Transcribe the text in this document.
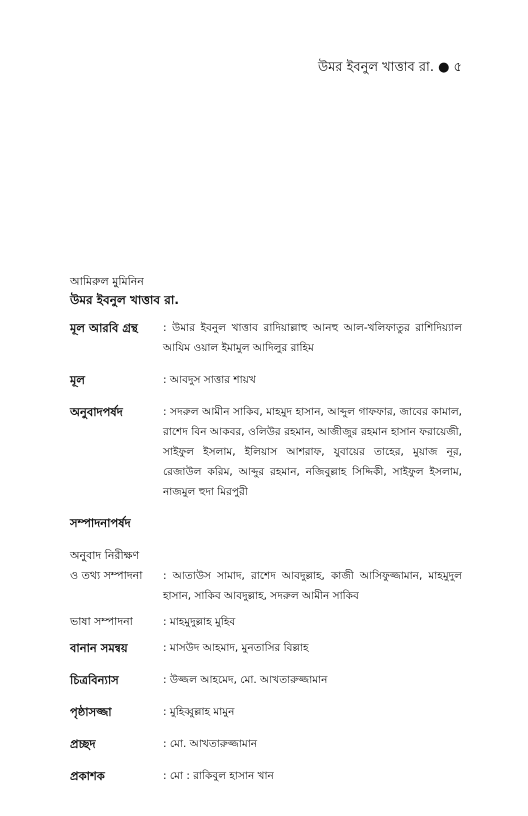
উমর ইবনুল খাত্তাব রা. ● ৫
আমিরুল মুমিনিন
উমর ইবনুল খাত্তাব রা.
মূল আরবি গ্রন্থ	: উমার ইবনুল খাত্তাব রাদিয়াল্লাহু আনহু আল-খলিফাতুর রাশিদিয়্যাল আযিম ওয়াল ইমামুল আদিলুর রাহিম
মূল	: আবদুস সাত্তার শায়খ
অনুবাদপর্ষদ	: সদরুল আমীন সাকিব, মাহমুদ হাসান, আব্দুল গাফফার, জাবের কামাল, রাশেদ বিন আকবর, ওলিউর রহমান, আজীজুর রহমান হাসান ফরায়েজী, সাইফুল ইসলাম, ইলিয়াস আশরাফ, যুবায়ের তাহের, মুয়াজ নূর, রেজাউল করিম, আব্দুর রহমান, নজিবুল্লাহ সিদ্দিকী, সাইফুল ইসলাম, নাজমুল হুদা মিরপুরী
সম্পাদনাপর্ষদ
অনুবাদ নিরীক্ষণ
ও তথ্য সম্পাদনা	: আতাউস সামাদ, রাশেদ আবদুল্লাহ, কাজী আসিফুজ্জামান, মাহমুদুল হাসান, সাকিব আবদুল্লাহ, সদরুল আমীন সাকিব
ভাষা সম্পাদনা	: মাহমুদুল্লাহ মুহিব
বানান সমন্বয়	: মাসউদ আহমাদ, মুনতাসির বিল্লাহ
চিত্রবিন্যাস	: উজ্জল আহমেদ, মো. আখতারুজ্জামান
পৃষ্ঠাসজ্জা	: মুহিব্বুল্লাহ মামুন
প্রচ্ছদ	: মো. আখতারুজ্জামান
প্রকাশক	: মো : রাকিবুল হাসান খান
